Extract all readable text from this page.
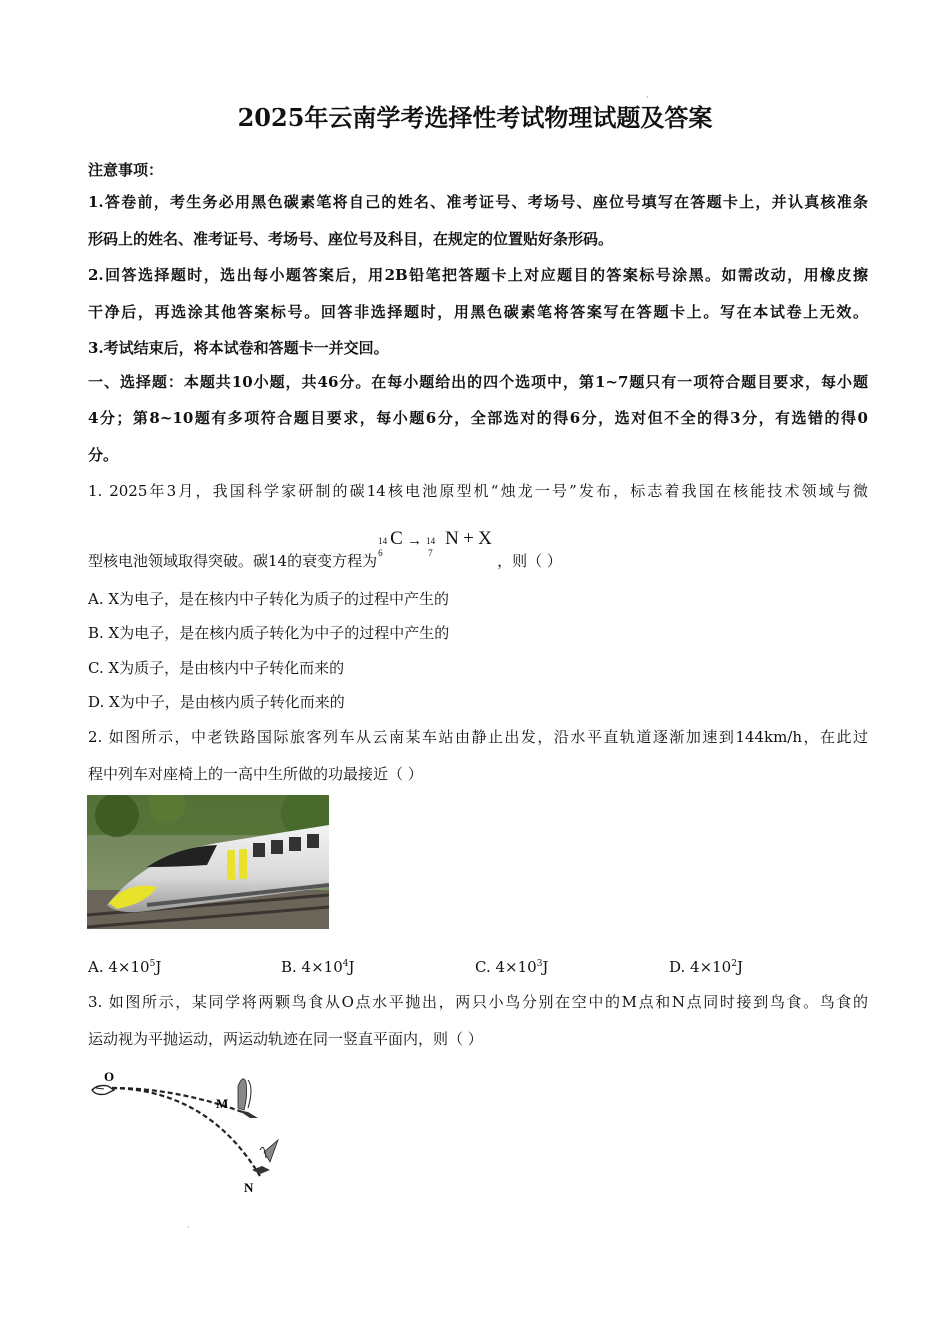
·
2025年云南学考选择性考试物理试题及答案
注意事项：
1.答卷前，考生务必用黑色碳素笔将自己的姓名、准考证号、考场号、座位号填写在答题卡上，并认真核准条
形码上的姓名、准考证号、考场号、座位号及科目，在规定的位置贴好条形码。
2.回答选择题时，选出每小题答案后，用2B铅笔把答题卡上对应题目的答案标号涂黑。如需改动，用橡皮擦
干净后，再选涂其他答案标号。回答非选择题时，用黑色碳素笔将答案写在答题卡上。写在本试卷上无效。
3.考试结束后，将本试卷和答题卡一并交回。
一、选择题：本题共10小题，共46分。在每小题给出的四个选项中，第1~7题只有一项符合题目要求，每小题
4分；第8~10题有多项符合题目要求，每小题6分，全部选对的得6分，选对但不全的得3分，有选错的得0
分。
1. 2025年3月，我国科学家研制的碳14核电池原型机“烛龙一号”发布，标志着我国在核能技术领域与微
型核电池领域取得突破。碳14的衰变方程为
14
6
C → 14
7
N + X
，则（ ）
A. X为电子，是在核内中子转化为质子的过程中产生的
B. X为电子，是在核内质子转化为中子的过程中产生的
C. X为质子，是由核内中子转化而来的
D. X为中子，是由核内质子转化而来的
2. 如图所示，中老铁路国际旅客列车从云南某车站由静止出发，沿水平直轨道逐渐加速到144km/h，在此过
程中列车对座椅上的一高中生所做的功最接近（ ）
A. $4\times 10^5J$	B. $4\times 10^4J$	C. $4\times 10^3J$	D. $4\times 10^2J$
3. 如图所示，某同学将两颗鸟食从O点水平抛出，两只小鸟分别在空中的M点和N点同时接到鸟食。鸟食的
运动视为平抛运动，两运动轨迹在同一竖直平面内，则（ ）
O
M
N
·
